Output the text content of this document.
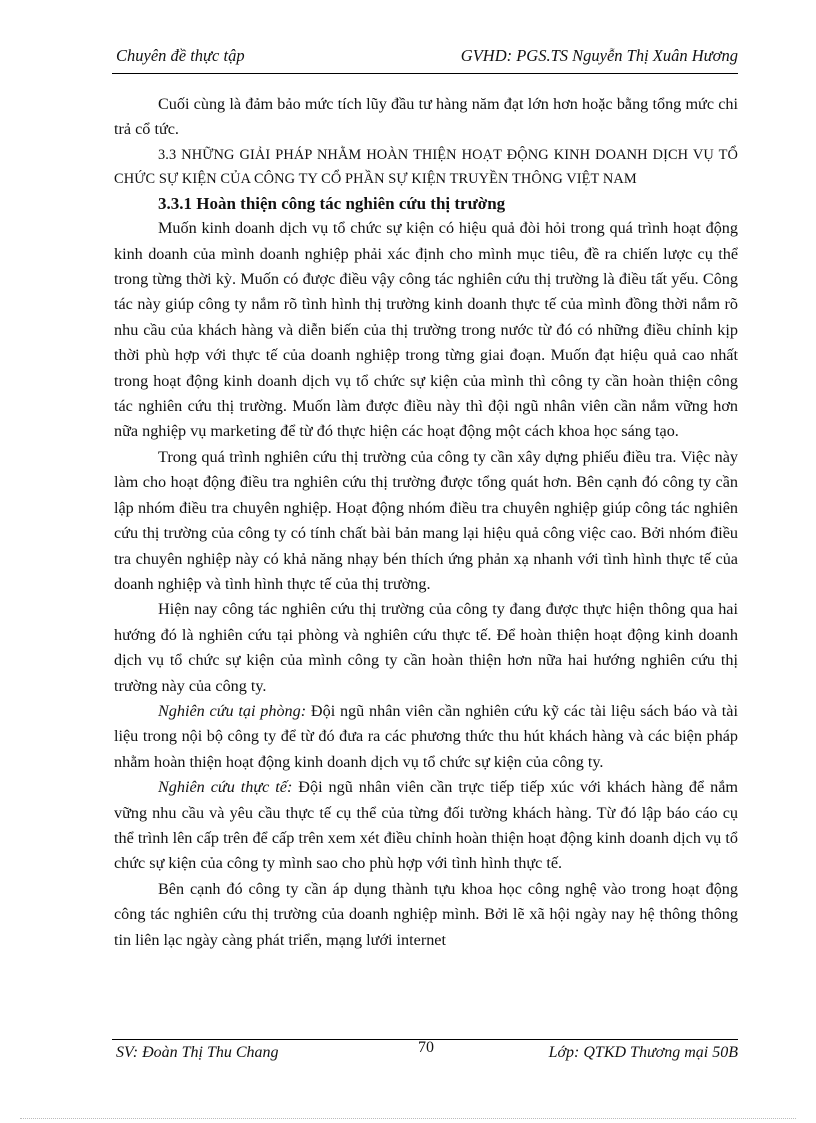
Chuyên đề thực tập	GVHD: PGS.TS Nguyễn Thị Xuân Hương

Cuối cùng là đảm bảo mức tích lũy đầu tư hàng năm đạt lớn hơn hoặc bằng tổng mức chi trả cổ tức.

3.3 NHỮNG GIẢI PHÁP NHẰM HOÀN THIỆN HOẠT ĐỘNG KINH DOANH DỊCH VỤ TỔ CHỨC SỰ KIỆN CỦA CÔNG TY CỔ PHẦN SỰ KIỆN TRUYỀN THÔNG VIỆT NAM

3.3.1 Hoàn thiện công tác nghiên cứu thị trường

Muốn kinh doanh dịch vụ tổ chức sự kiện có hiệu quả đòi hỏi trong quá trình hoạt động kinh doanh của mình doanh nghiệp phải xác định cho mình mục tiêu, đề ra chiến lược cụ thể trong từng thời kỳ. Muốn có được điều vậy công tác nghiên cứu thị trường là điều tất yếu. Công tác này giúp công ty nắm rõ tình hình thị trường kinh doanh thực tế của mình đồng thời nắm rõ nhu cầu của khách hàng và diễn biến của thị trường trong nước từ đó có những điều chỉnh kịp thời phù hợp với thực tế của doanh nghiệp trong từng giai đoạn. Muốn đạt hiệu quả cao nhất trong hoạt động kinh doanh dịch vụ tổ chức sự kiện của mình thì công ty cần hoàn thiện công tác nghiên cứu thị trường. Muốn làm được điều này thì đội ngũ nhân viên cần nắm vững hơn nữa nghiệp vụ marketing để từ đó thực hiện các hoạt động một cách khoa học sáng tạo.

Trong quá trình nghiên cứu thị trường của công ty cần xây dựng phiếu điều tra. Việc này làm cho hoạt động điều tra nghiên cứu thị trường được tổng quát hơn. Bên cạnh đó công ty cần lập nhóm điều tra chuyên nghiệp. Hoạt động nhóm điều tra chuyên nghiệp giúp công tác nghiên cứu thị trường của công ty có tính chất bài bản mang lại hiệu quả công việc cao. Bởi nhóm điều tra chuyên nghiệp này có khả năng nhạy bén thích ứng phản xạ nhanh với tình hình thực tế của doanh nghiệp và tình hình thực tế của thị trường.

Hiện nay công tác nghiên cứu thị trường của công ty đang được thực hiện thông qua hai hướng đó là nghiên cứu tại phòng và nghiên cứu thực tế. Để hoàn thiện hoạt động kinh doanh dịch vụ tổ chức sự kiện của mình công ty cần hoàn thiện hơn nữa hai hướng nghiên cứu thị trường này của công ty.

Nghiên cứu tại phòng: Đội ngũ nhân viên cần nghiên cứu kỹ các tài liệu sách báo và tài liệu trong nội bộ công ty để từ đó đưa ra các phương thức thu hút khách hàng và các biện pháp nhằm hoàn thiện hoạt động kinh doanh dịch vụ tổ chức sự kiện của công ty.

Nghiên cứu thực tế: Đội ngũ nhân viên cần trực tiếp tiếp xúc với khách hàng để nắm vững nhu cầu và yêu cầu thực tế cụ thể của từng đối tường khách hàng. Từ đó lập báo cáo cụ thể trình lên cấp trên để cấp trên xem xét điều chỉnh hoàn thiện hoạt động kinh doanh dịch vụ tổ chức sự kiện của công ty mình sao cho phù hợp với tình hình thực tế.

Bên cạnh đó công ty cần áp dụng thành tựu khoa học công nghệ vào trong hoạt động công tác nghiên cứu thị trường của doanh nghiệp mình. Bởi lẽ xã hội ngày nay hệ thông thông tin liên lạc ngày càng phát triển, mạng lưới internet

SV: Đoàn Thị Thu Chang	Lớp: QTKD Thương mại 50B
70
